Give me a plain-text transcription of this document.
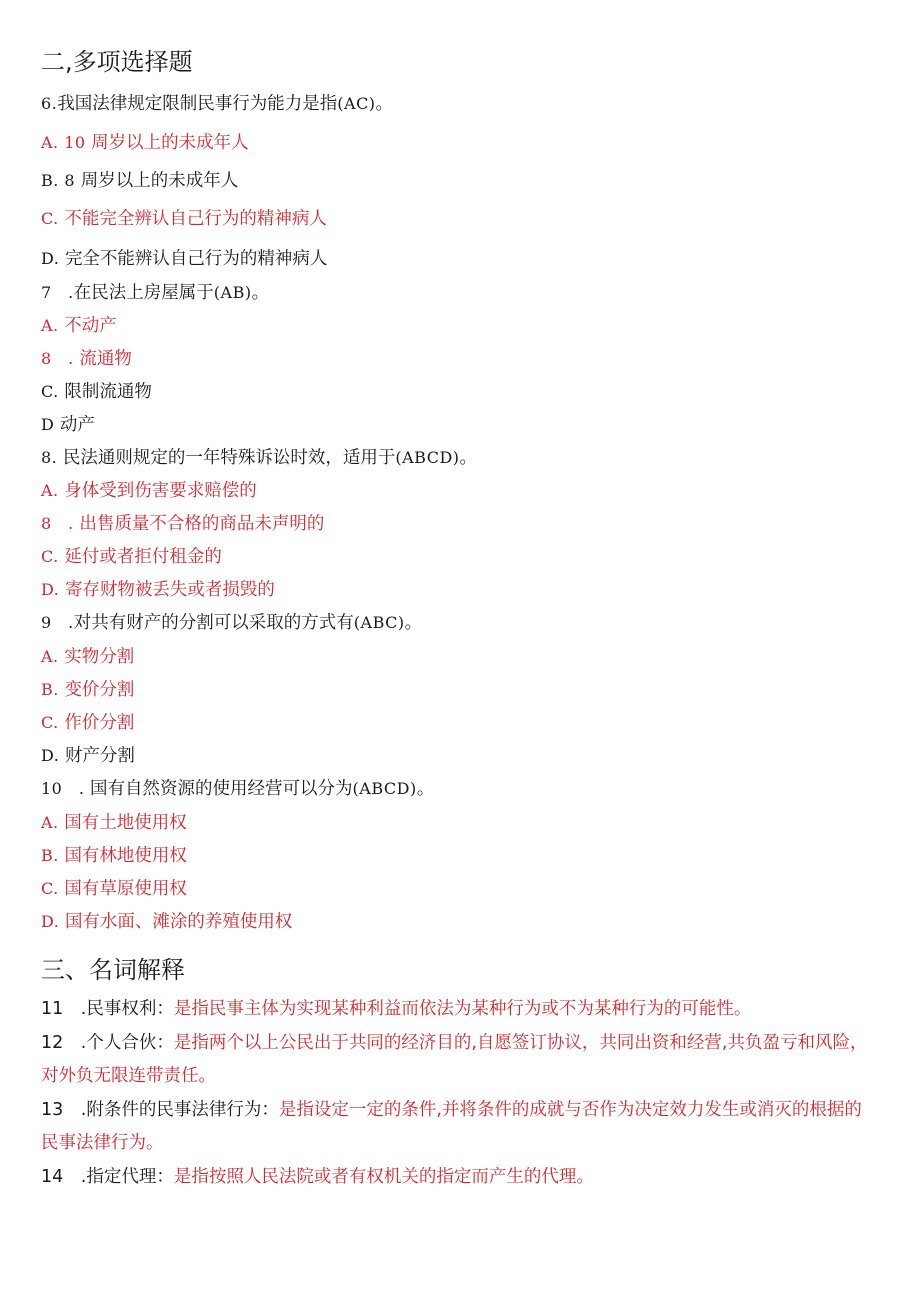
二,多项选择题
6.我国法律规定限制民事行为能力是指(AC)。
A. 10 周岁以上的未成年人
B. 8 周岁以上的未成年人
C. 不能完全辨认自己行为的精神病人
D. 完全不能辨认自己行为的精神病人
7　.在民法上房屋属于(AB)。
A. 不动产
8　. 流通物
C. 限制流通物
D 动产
8. 民法通则规定的一年特殊诉讼时效，适用于(ABCD)。
A. 身体受到伤害要求赔偿的
8　. 出售质量不合格的商品未声明的
C. 延付或者拒付租金的
D. 寄存财物被丢失或者损毁的
9　.对共有财产的分割可以采取的方式有(ABC)。
A. 实物分割
B. 变价分割
C. 作价分割
D. 财产分割
10　. 国有自然资源的使用经营可以分为(ABCD)。
A. 国有土地使用权
B. 国有林地使用权
C. 国有草原使用权
D. 国有水面、滩涂的养殖使用权
三、名词解释
11　.民事权利：是指民事主体为实现某种利益而依法为某种行为或不为某种行为的可能性。
12　.个人合伙：是指两个以上公民出于共同的经济目的,自愿签订协议，共同出资和经营,共负盈亏和风险，对外负无限连带责任。
13　.附条件的民事法律行为：是指设定一定的条件,并将条件的成就与否作为决定效力发生或消灭的根据的民事法律行为。
14　.指定代理：是指按照人民法院或者有权机关的指定而产生的代理。
